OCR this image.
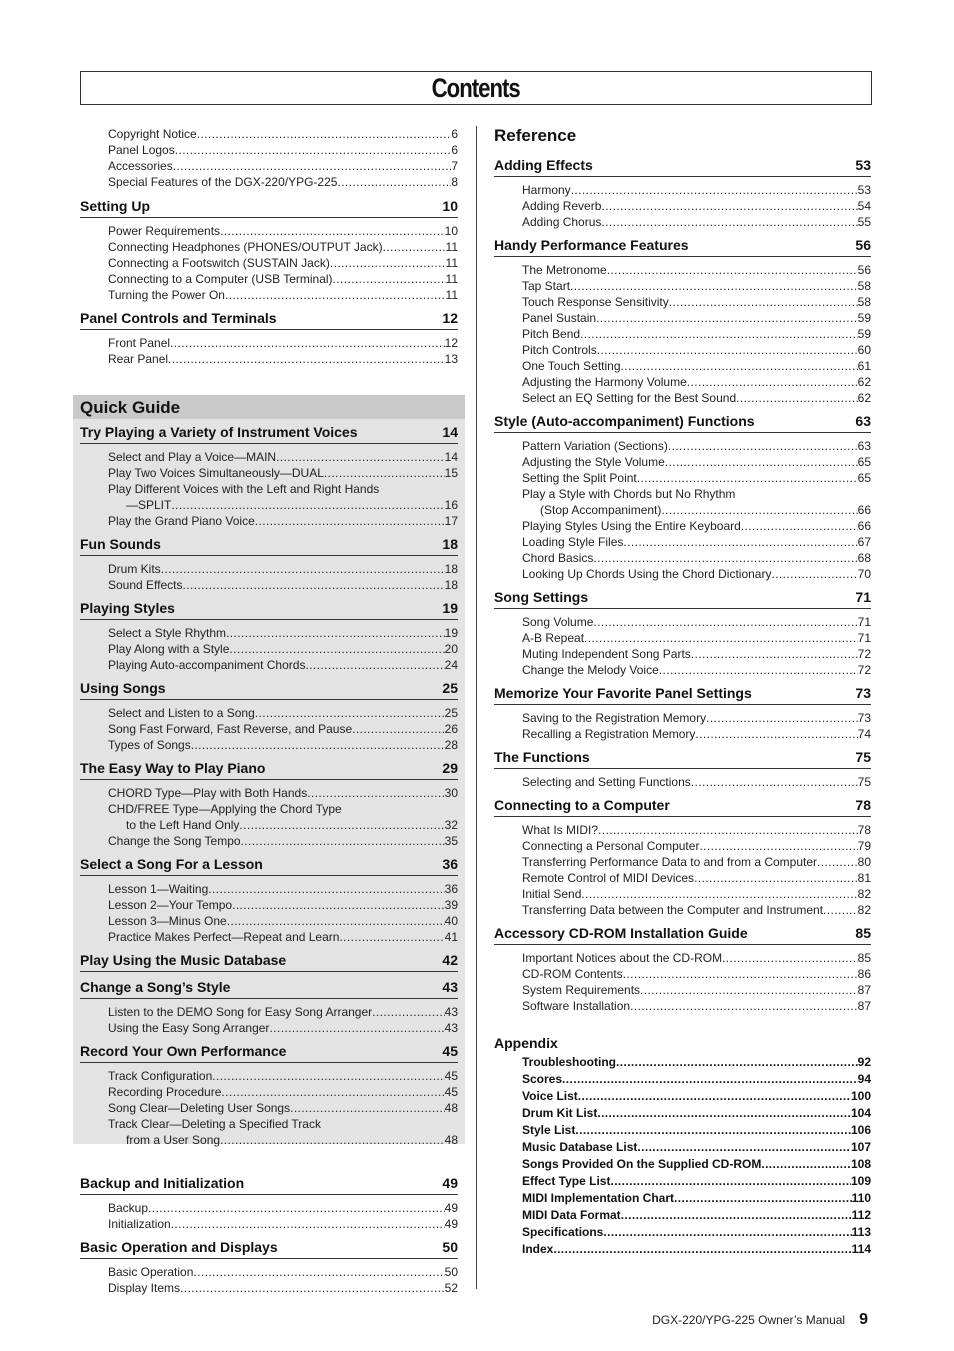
Contents
Copyright Notice .....	6
Panel Logos .....	6
Accessories .....	7
Special Features of the DGX-220/YPG-225 .....	8
Setting Up	10
Power Requirements .....	10
Connecting Headphones (PHONES/OUTPUT Jack) .....	11
Connecting a Footswitch (SUSTAIN Jack) .....	11
Connecting to a Computer (USB Terminal) .....	11
Turning the Power On .....	11
Panel Controls and Terminals	12
Front Panel .....	12
Rear Panel .....	13
Quick Guide
Try Playing a Variety of Instrument Voices	14
Select and Play a Voice—MAIN .....	14
Play Two Voices Simultaneously—DUAL .....	15
Play Different Voices with the Left and Right Hands
—SPLIT .....	16
Play the Grand Piano Voice .....	17
Fun Sounds	18
Drum Kits .....	18
Sound Effects .....	18
Playing Styles	19
Select a Style Rhythm .....	19
Play Along with a Style .....	20
Playing Auto-accompaniment Chords .....	24
Using Songs	25
Select and Listen to a Song .....	25
Song Fast Forward, Fast Reverse, and Pause .....	26
Types of Songs .....	28
The Easy Way to Play Piano	29
CHORD Type—Play with Both Hands .....	30
CHD/FREE Type—Applying the Chord Type
to the Left Hand Only .....	32
Change the Song Tempo .....	35
Select a Song For a Lesson	36
Lesson 1—Waiting .....	36
Lesson 2—Your Tempo .....	39
Lesson 3—Minus One .....	40
Practice Makes Perfect—Repeat and Learn .....	41
Play Using the Music Database	42
Change a Song’s Style	43
Listen to the DEMO Song for Easy Song Arranger .....	43
Using the Easy Song Arranger .....	43
Record Your Own Performance	45
Track Configuration .....	45
Recording Procedure .....	45
Song Clear—Deleting User Songs .....	48
Track Clear—Deleting a Specified Track
from a User Song .....	48
Backup and Initialization	49
Backup .....	49
Initialization .....	49
Basic Operation and Displays	50
Basic Operation .....	50
Display Items .....	52
Reference
Adding Effects	53
Harmony .....	53
Adding Reverb .....	54
Adding Chorus .....	55
Handy Performance Features	56
The Metronome .....	56
Tap Start .....	58
Touch Response Sensitivity .....	58
Panel Sustain .....	59
Pitch Bend .....	59
Pitch Controls .....	60
One Touch Setting .....	61
Adjusting the Harmony Volume .....	62
Select an EQ Setting for the Best Sound .....	62
Style (Auto-accompaniment) Functions	63
Pattern Variation (Sections) .....	63
Adjusting the Style Volume .....	65
Setting the Split Point .....	65
Play a Style with Chords but No Rhythm
(Stop Accompaniment) .....	66
Playing Styles Using the Entire Keyboard .....	66
Loading Style Files .....	67
Chord Basics .....	68
Looking Up Chords Using the Chord Dictionary .....	70
Song Settings	71
Song Volume .....	71
A-B Repeat .....	71
Muting Independent Song Parts .....	72
Change the Melody Voice .....	72
Memorize Your Favorite Panel Settings	73
Saving to the Registration Memory .....	73
Recalling a Registration Memory .....	74
The Functions	75
Selecting and Setting Functions .....	75
Connecting to a Computer	78
What Is MIDI? .....	78
Connecting a Personal Computer .....	79
Transferring Performance Data to and from a Computer .....	80
Remote Control of MIDI Devices .....	81
Initial Send .....	82
Transferring Data between the Computer and Instrument .....	82
Accessory CD-ROM Installation Guide	85
Important Notices about the CD-ROM .....	85
CD-ROM Contents .....	86
System Requirements .....	87
Software Installation .....	87
Appendix
Troubleshooting .....	92
Scores .....	94
Voice List .....	100
Drum Kit List .....	104
Style List .....	106
Music Database List .....	107
Songs Provided On the Supplied CD-ROM .....	108
Effect Type List .....	109
MIDI Implementation Chart .....	110
MIDI Data Format .....	112
Specifications .....	113
Index .....	114
DGX-220/YPG-225 Owner’s Manual 9
